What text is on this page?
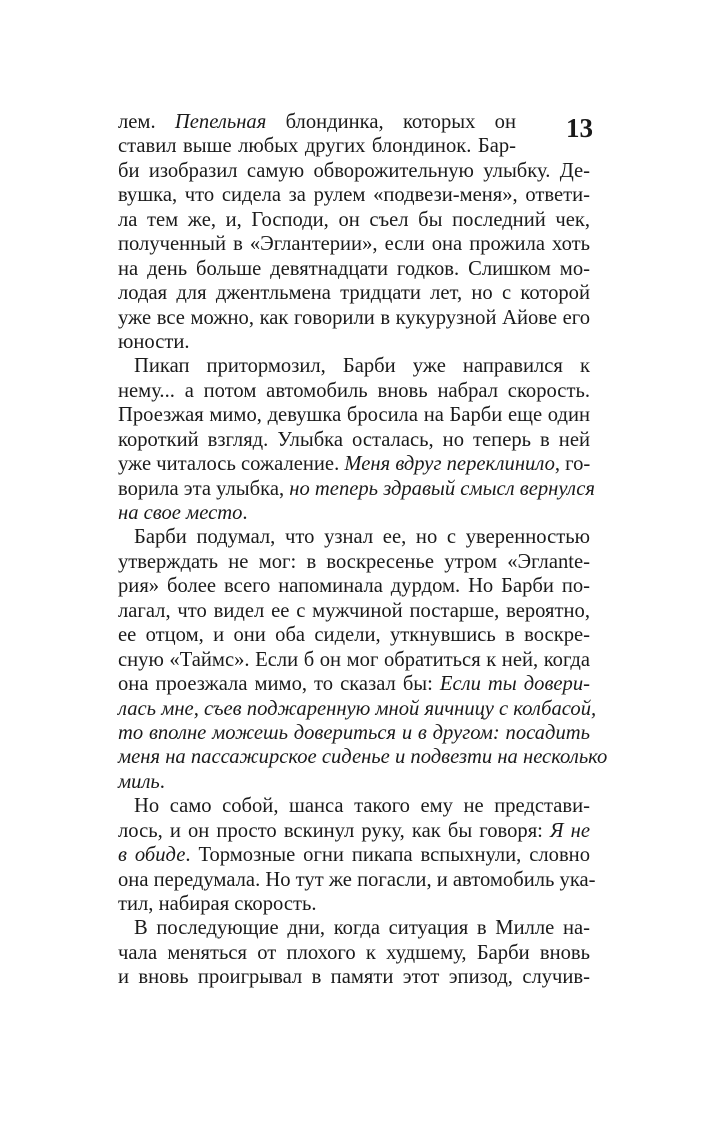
13
лем. Пепельная блондинка, которых он
ставил выше любых других блондинок. Бар-
би изобразил самую обворожительную улыбку. Де-
вушка, что сидела за рулем «подвези-меня», ответи-
ла тем же, и, Господи, он съел бы последний чек,
полученный в «Эглантерии», если она прожила хоть
на день больше девятнадцати годков. Слишком мо-
лодая для джентльмена тридцати лет, но с которой
уже все можно, как говорили в кукурузной Айове его
юности.
Пикап притормозил, Барби уже направился к
нему... а потом автомобиль вновь набрал скорость.
Проезжая мимо, девушка бросила на Барби еще один
короткий взгляд. Улыбка осталась, но теперь в ней
уже читалось сожаление. Меня вдруг переклинило, го-
ворила эта улыбка, но теперь здравый смысл вернулся
на свое место.
Барби подумал, что узнал ее, но с уверенностью
утверждать не мог: в воскресенье утром «Эглante-
рия» более всего напоминала дурдом. Но Барби по-
лагал, что видел ее с мужчиной постарше, вероятно,
ее отцом, и они оба сидели, уткнувшись в воскре-
сную «Таймс». Если б он мог обратиться к ней, когда
она проезжала мимо, то сказал бы: Если ты довери-
лась мне, съев поджаренную мной яичницу с колбасой,
то вполне можешь довериться и в другом: посадить
меня на пассажирское сиденье и подвезти на несколько
миль.
Но само собой, шанса такого ему не представи-
лось, и он просто вскинул руку, как бы говоря: Я не
в обиде. Тормозные огни пикапа вспыхнули, словно
она передумала. Но тут же погасли, и автомобиль ука-
тил, набирая скорость.
В последующие дни, когда ситуация в Милле на-
чала меняться от плохого к худшему, Барби вновь
и вновь проигрывал в памяти этот эпизод, случив-
